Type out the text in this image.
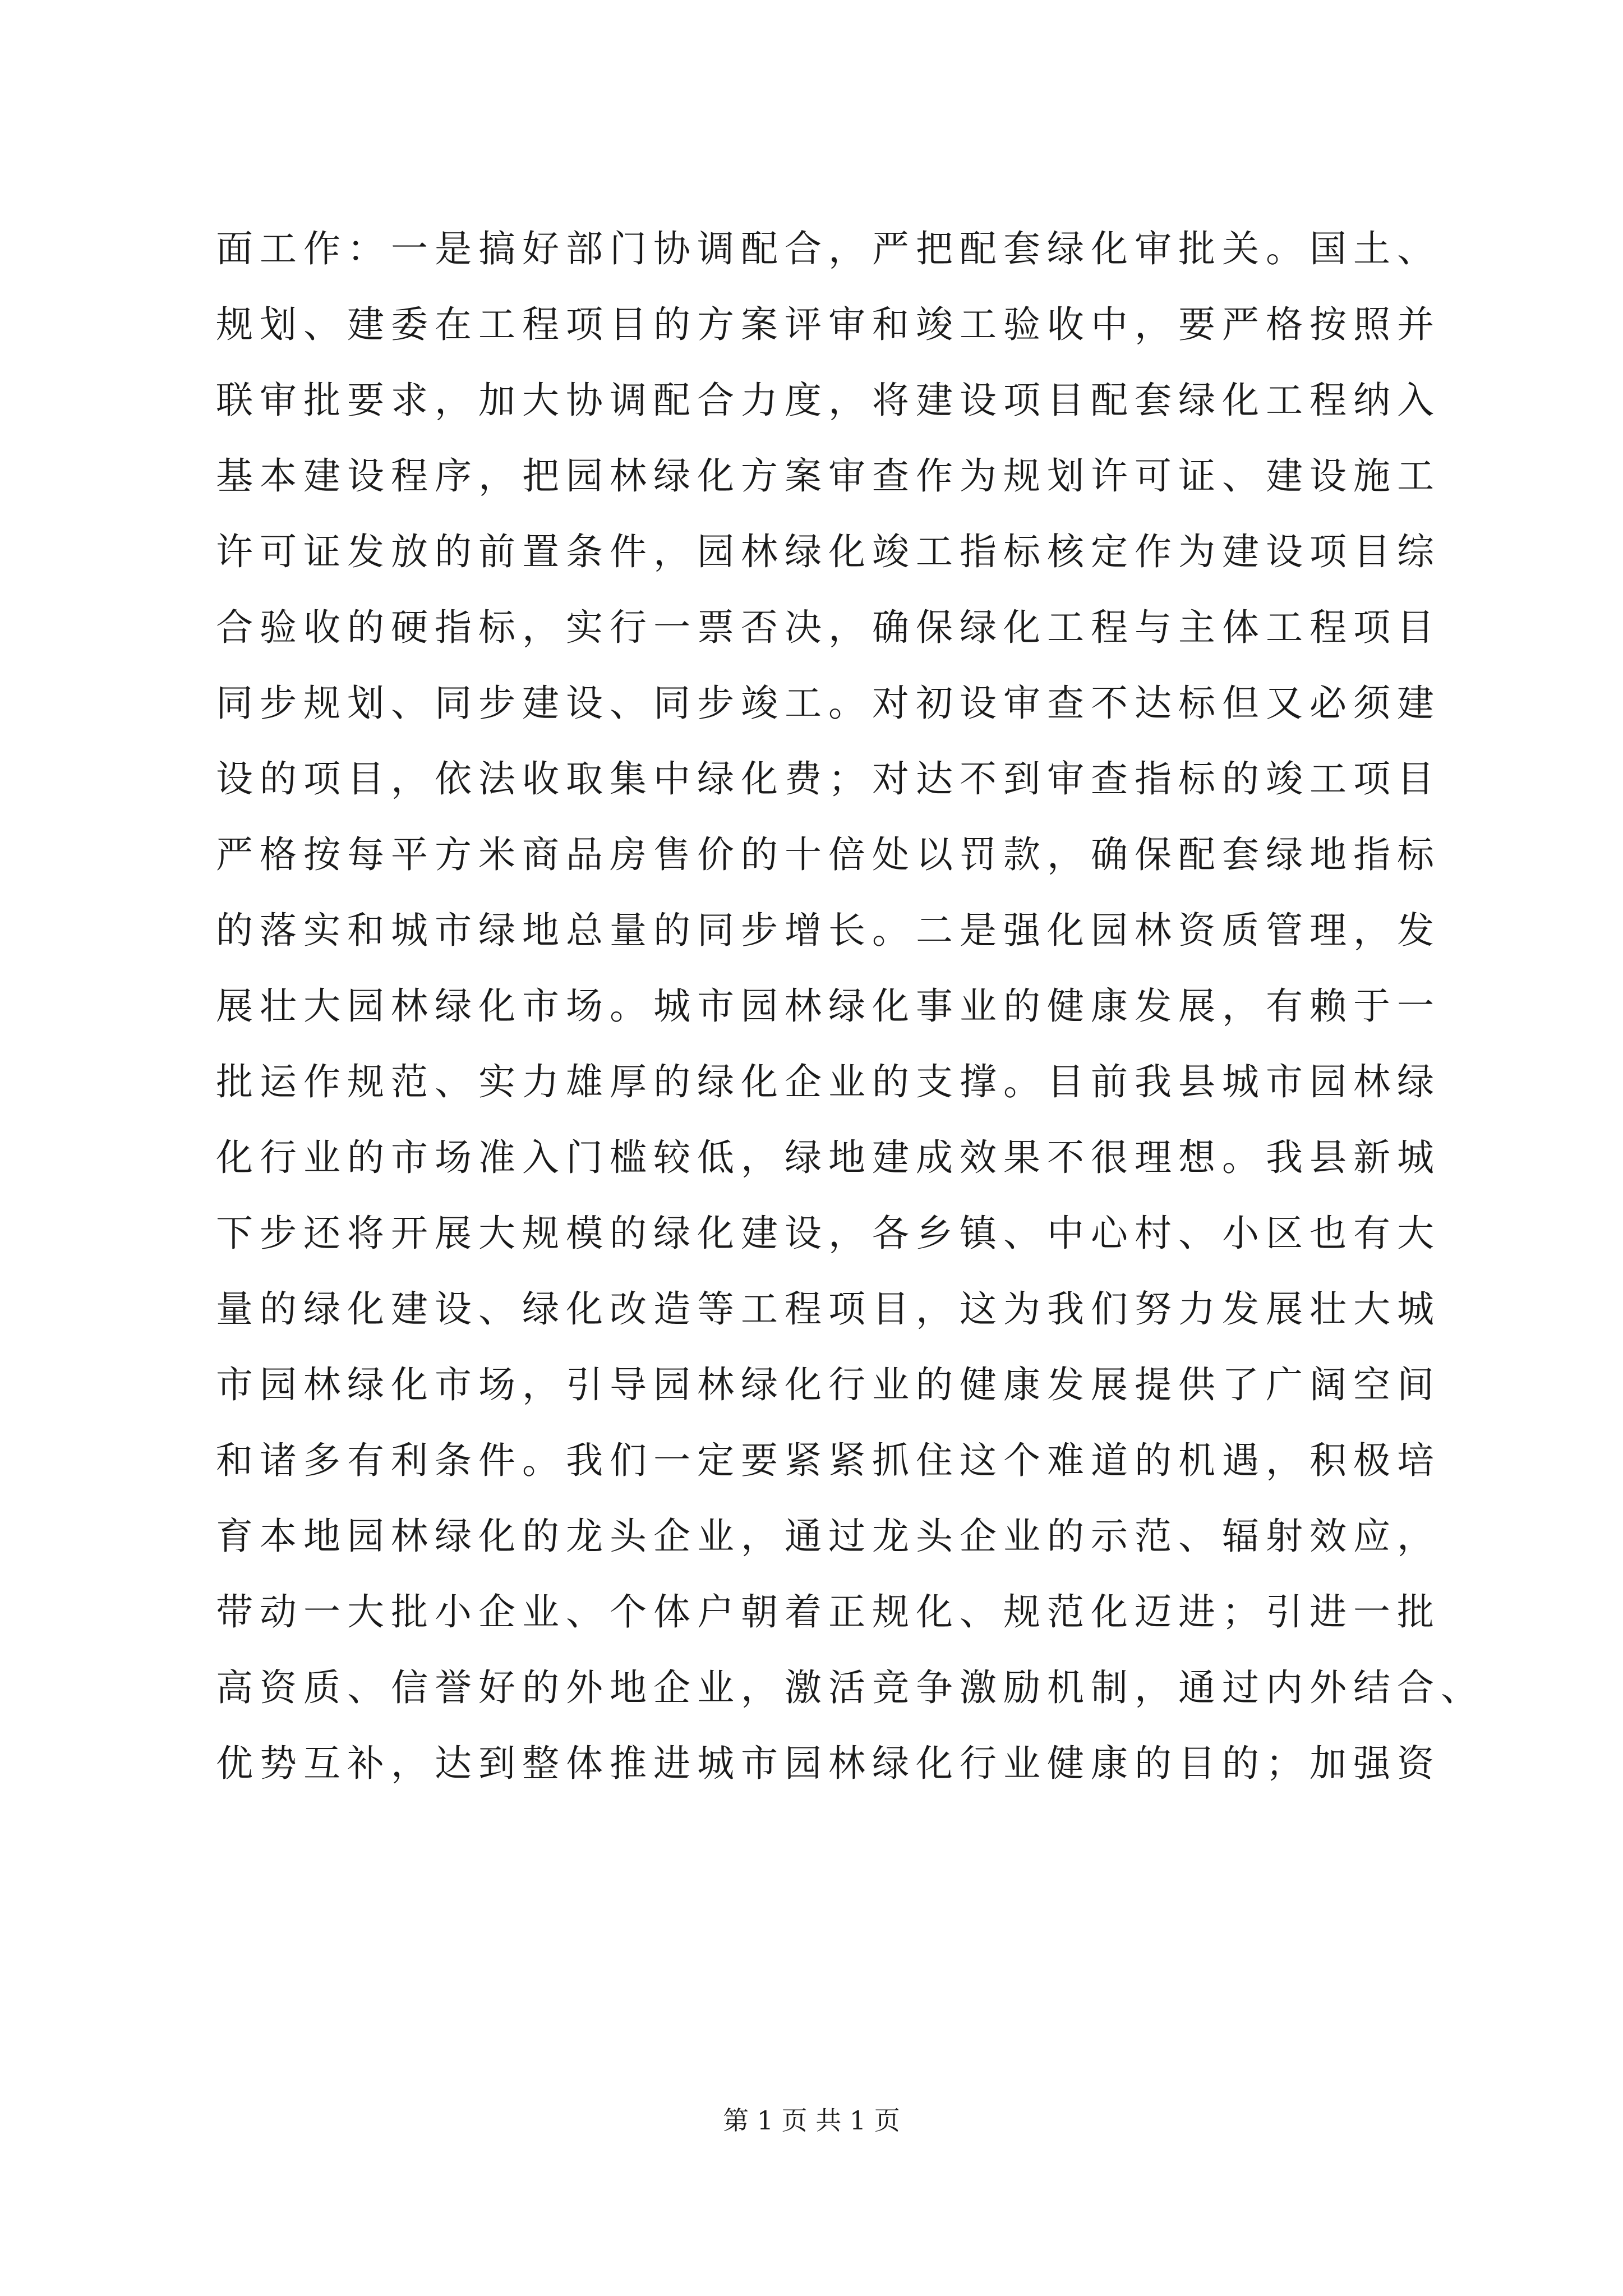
面工作：一是搞好部门协调配合，严把配套绿化审批关。国土、
规划、建委在工程项目的方案评审和竣工验收中，要严格按照并
联审批要求，加大协调配合力度，将建设项目配套绿化工程纳入
基本建设程序，把园林绿化方案审查作为规划许可证、建设施工
许可证发放的前置条件，园林绿化竣工指标核定作为建设项目综
合验收的硬指标，实行一票否决，确保绿化工程与主体工程项目
同步规划、同步建设、同步竣工。对初设审查不达标但又必须建
设的项目，依法收取集中绿化费；对达不到审查指标的竣工项目
严格按每平方米商品房售价的十倍处以罚款，确保配套绿地指标
的落实和城市绿地总量的同步增长。二是强化园林资质管理，发
展壮大园林绿化市场。城市园林绿化事业的健康发展，有赖于一
批运作规范、实力雄厚的绿化企业的支撑。目前我县城市园林绿
化行业的市场准入门槛较低，绿地建成效果不很理想。我县新城
下步还将开展大规模的绿化建设，各乡镇、中心村、小区也有大
量的绿化建设、绿化改造等工程项目，这为我们努力发展壮大城
市园林绿化市场，引导园林绿化行业的健康发展提供了广阔空间
和诸多有利条件。我们一定要紧紧抓住这个难道的机遇，积极培
育本地园林绿化的龙头企业，通过龙头企业的示范、辐射效应，
带动一大批小企业、个体户朝着正规化、规范化迈进；引进一批
高资质、信誉好的外地企业，激活竞争激励机制，通过内外结合、
优势互补，达到整体推进城市园林绿化行业健康的目的；加强资
第 1 页 共 1 页
